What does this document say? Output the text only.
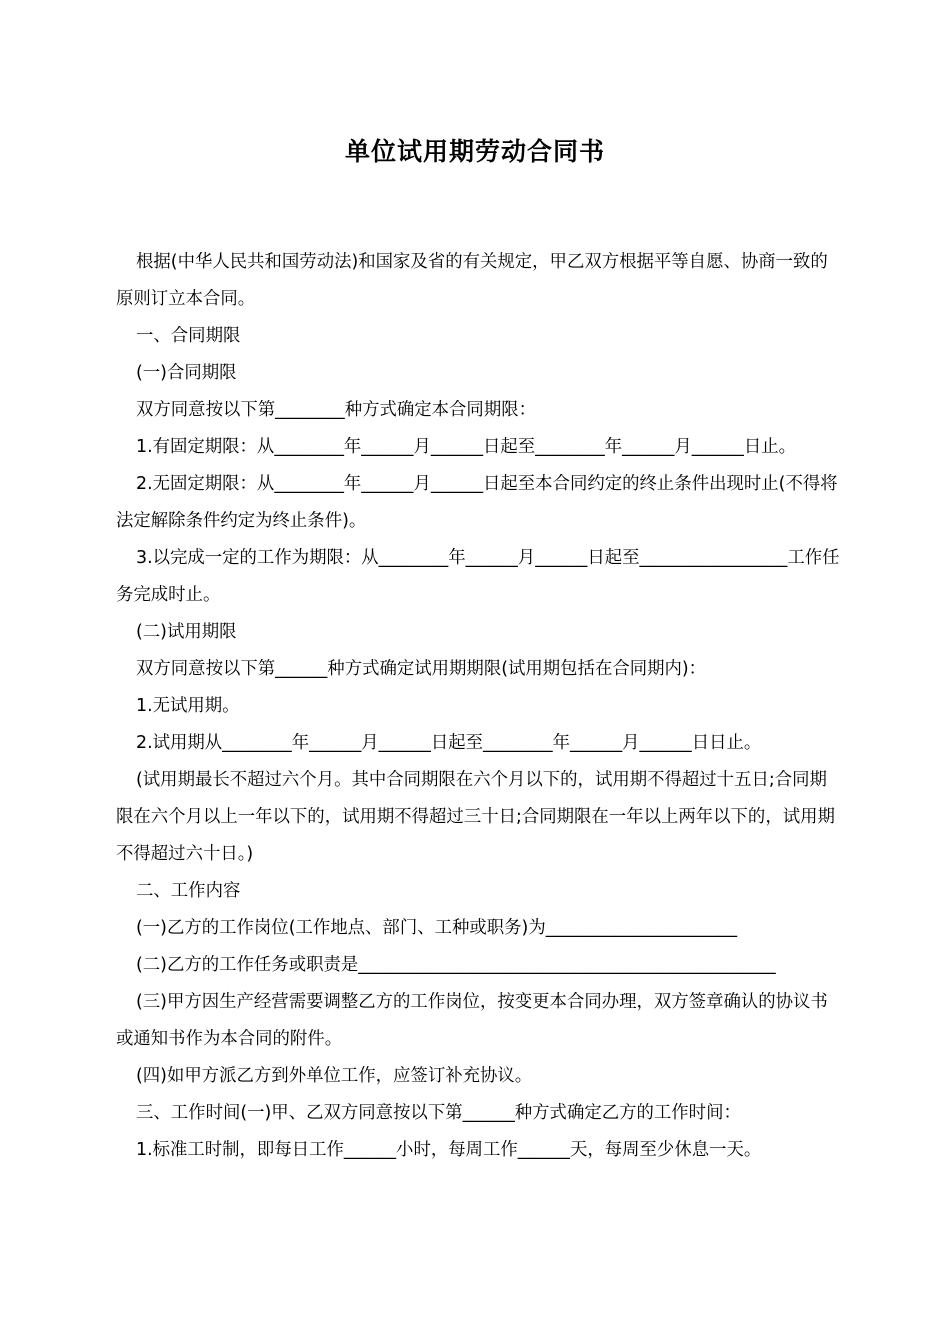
单位试用期劳动合同书

根据(中华人民共和国劳动法)和国家及省的有关规定，甲乙双方根据平等自愿、协商一致的原则订立本合同。

一、合同期限

(一)合同期限

双方同意按以下第________种方式确定本合同期限：

1.有固定期限：从________年______月______日起至________年______月______日止。

2.无固定期限：从________年______月______日起至本合同约定的终止条件出现时止(不得将法定解除条件约定为终止条件)。

3.以完成一定的工作为期限：从________年______月______日起至_________________工作任务完成时止。

(二)试用期限

双方同意按以下第______种方式确定试用期期限(试用期包括在合同期内)：

1.无试用期。

2.试用期从________年______月______日起至________年______月______日日止。

(试用期最长不超过六个月。其中合同期限在六个月以下的，试用期不得超过十五日;合同期限在六个月以上一年以下的，试用期不得超过三十日;合同期限在一年以上两年以下的，试用期不得超过六十日。)

二、工作内容

(一)乙方的工作岗位(工作地点、部门、工种或职务)为______________________

(二)乙方的工作任务或职责是________________________________________________

(三)甲方因生产经营需要调整乙方的工作岗位，按变更本合同办理，双方签章确认的协议书或通知书作为本合同的附件。

(四)如甲方派乙方到外单位工作，应签订补充协议。

三、工作时间(一)甲、乙双方同意按以下第______种方式确定乙方的工作时间：

1.标准工时制，即每日工作______小时，每周工作______天，每周至少休息一天。
